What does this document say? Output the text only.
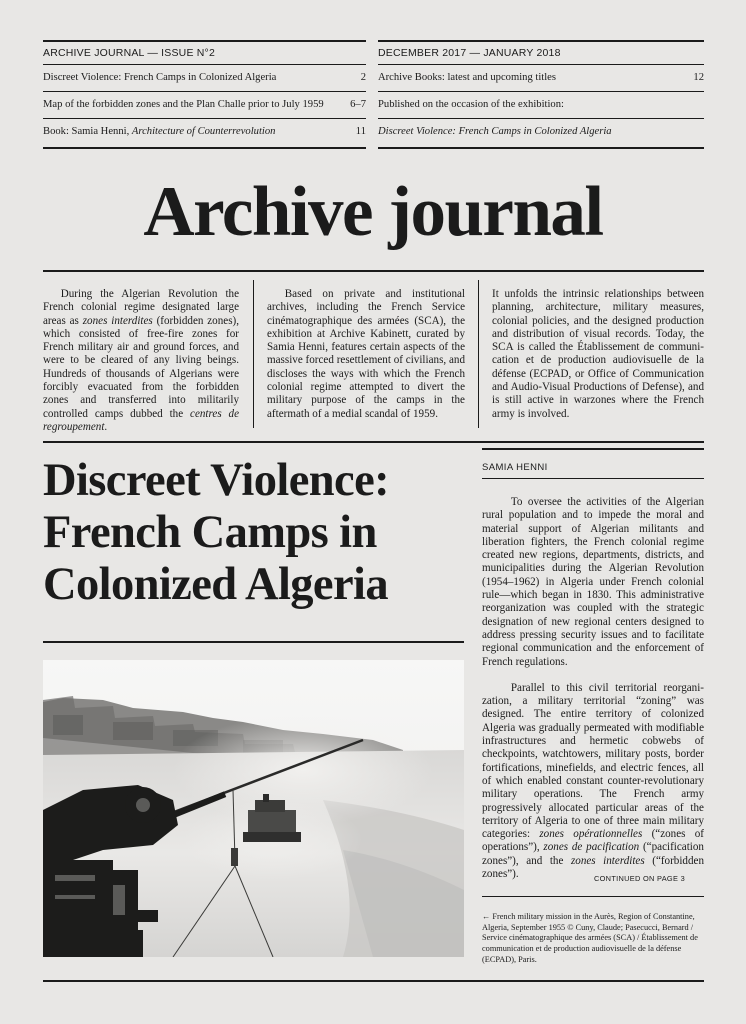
ARCHIVE JOURNAL — ISSUE N°2	DECEMBER 2017 — JANUARY 2018
Discreet Violence: French Camps in Colonized Algeria	2
Map of the forbidden zones and the Plan Challe prior to July 1959	6–7
Book: Samia Henni, Architecture of Counterrevolution	11
Archive Books: latest and upcoming titles	12
Published on the occasion of the exhibition:
Discreet Violence: French Camps in Colonized Algeria
Archive journal

During the Algerian Revolution the French colonial regime designated large areas as zones interdites (forbidden zones), which consisted of free-fire zones for French military air and ground forces, and were to be cleared of any living beings. Hundreds of thousands of Algerians were forcibly evacuated from the forbidden zones and transferred into militarily controlled camps dubbed the centres de regroupement.

Based on private and institutional archives, including the French Service cinématographique des armées (SCA), the exhibition at Archive Kabinett, curated by Samia Henni, features certain aspects of the massive forced resettlement of civilians, and discloses the ways with which the French colonial regime attempted to divert the military purpose of the camps in the aftermath of a medial scandal of 1959.

It unfolds the intrinsic relationships between planning, architecture, military measures, colonial policies, and the designed production and distribution of visual records. Today, the SCA is called the Établissement de communication et de production audiovisuelle de la défense (ECPAD, or Office of Communication and Audio-Visual Productions of Defense), and is still active in warzones where the French army is involved.

Discreet Violence: French Camps in Colonized Algeria
SAMIA HENNI

To oversee the activities of the Algerian rural population and to impede the moral and material support of Algerian militants and liberation fighters, the French colonial regime created new regions, departments, districts, and municipalities during the Algerian Revolution (1954–1962) in Algeria under French colonial rule—which began in 1830. This administrative reorganization was coupled with the strategic designation of new regional centers designed to address pressing security issues and to facilitate regional communication and the enforcement of French regulations.

Parallel to this civil territorial reorganization, a military territorial “zoning” was designed. The entire territory of colonized Algeria was gradually permeated with modifiable infrastructures and hermetic cobwebs of checkpoints, watchtowers, military posts, border fortifications, minefields, and electric fences, all of which enabled constant counter-revolutionary military operations. The French army progressively allocated particular areas of the territory of Algeria to one of three main military categories: zones opérationnelles (“zones of operations”), zones de pacification (“pacification zones”), and the zones interdites (“forbidden zones”).	CONTINUED ON PAGE 3
← French military mission in the Aurès, Region of Constantine, Algeria, September 1955 © Cuny, Claude; Pasecucci, Bernard / Service cinématographique des armées (SCA) / Établissement de communication et de production audiovisuelle de la défense (ECPAD), Paris.
